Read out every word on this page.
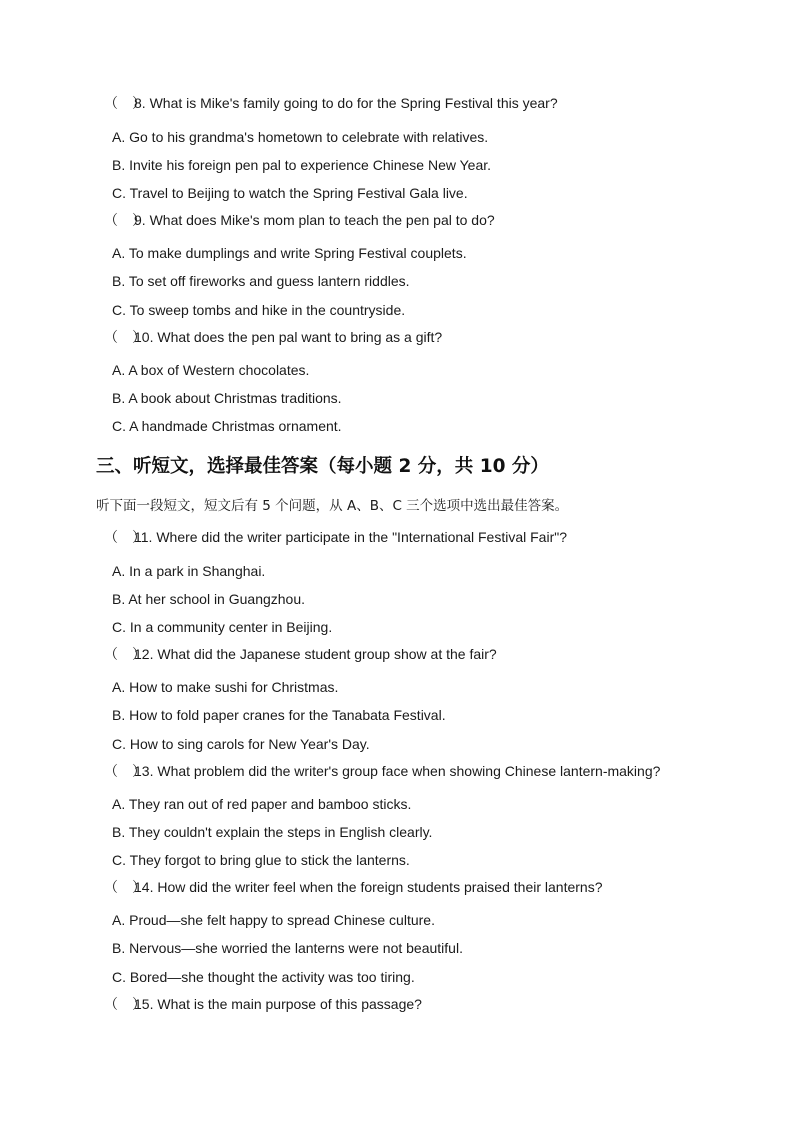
（　）8. What is Mike's family going to do for the Spring Festival this year?
A. Go to his grandma's hometown to celebrate with relatives.
B. Invite his foreign pen pal to experience Chinese New Year.
C. Travel to Beijing to watch the Spring Festival Gala live.
（　）9. What does Mike's mom plan to teach the pen pal to do?
A. To make dumplings and write Spring Festival couplets.
B. To set off fireworks and guess lantern riddles.
C. To sweep tombs and hike in the countryside.
（　）10. What does the pen pal want to bring as a gift?
A. A box of Western chocolates.
B. A book about Christmas traditions.
C. A handmade Christmas ornament.
三、听短文，选择最佳答案（每小题 2 分，共 10 分）
听下面一段短文，短文后有 5 个问题，从 A、B、C 三个选项中选出最佳答案。
（　）11. Where did the writer participate in the "International Festival Fair"?
A. In a park in Shanghai.
B. At her school in Guangzhou.
C. In a community center in Beijing.
（　）12. What did the Japanese student group show at the fair?
A. How to make sushi for Christmas.
B. How to fold paper cranes for the Tanabata Festival.
C. How to sing carols for New Year's Day.
（　）13. What problem did the writer's group face when showing Chinese lantern-making?
A. They ran out of red paper and bamboo sticks.
B. They couldn't explain the steps in English clearly.
C. They forgot to bring glue to stick the lanterns.
（　）14. How did the writer feel when the foreign students praised their lanterns?
A. Proud—she felt happy to spread Chinese culture.
B. Nervous—she worried the lanterns were not beautiful.
C. Bored—she thought the activity was too tiring.
（　）15. What is the main purpose of this passage?
